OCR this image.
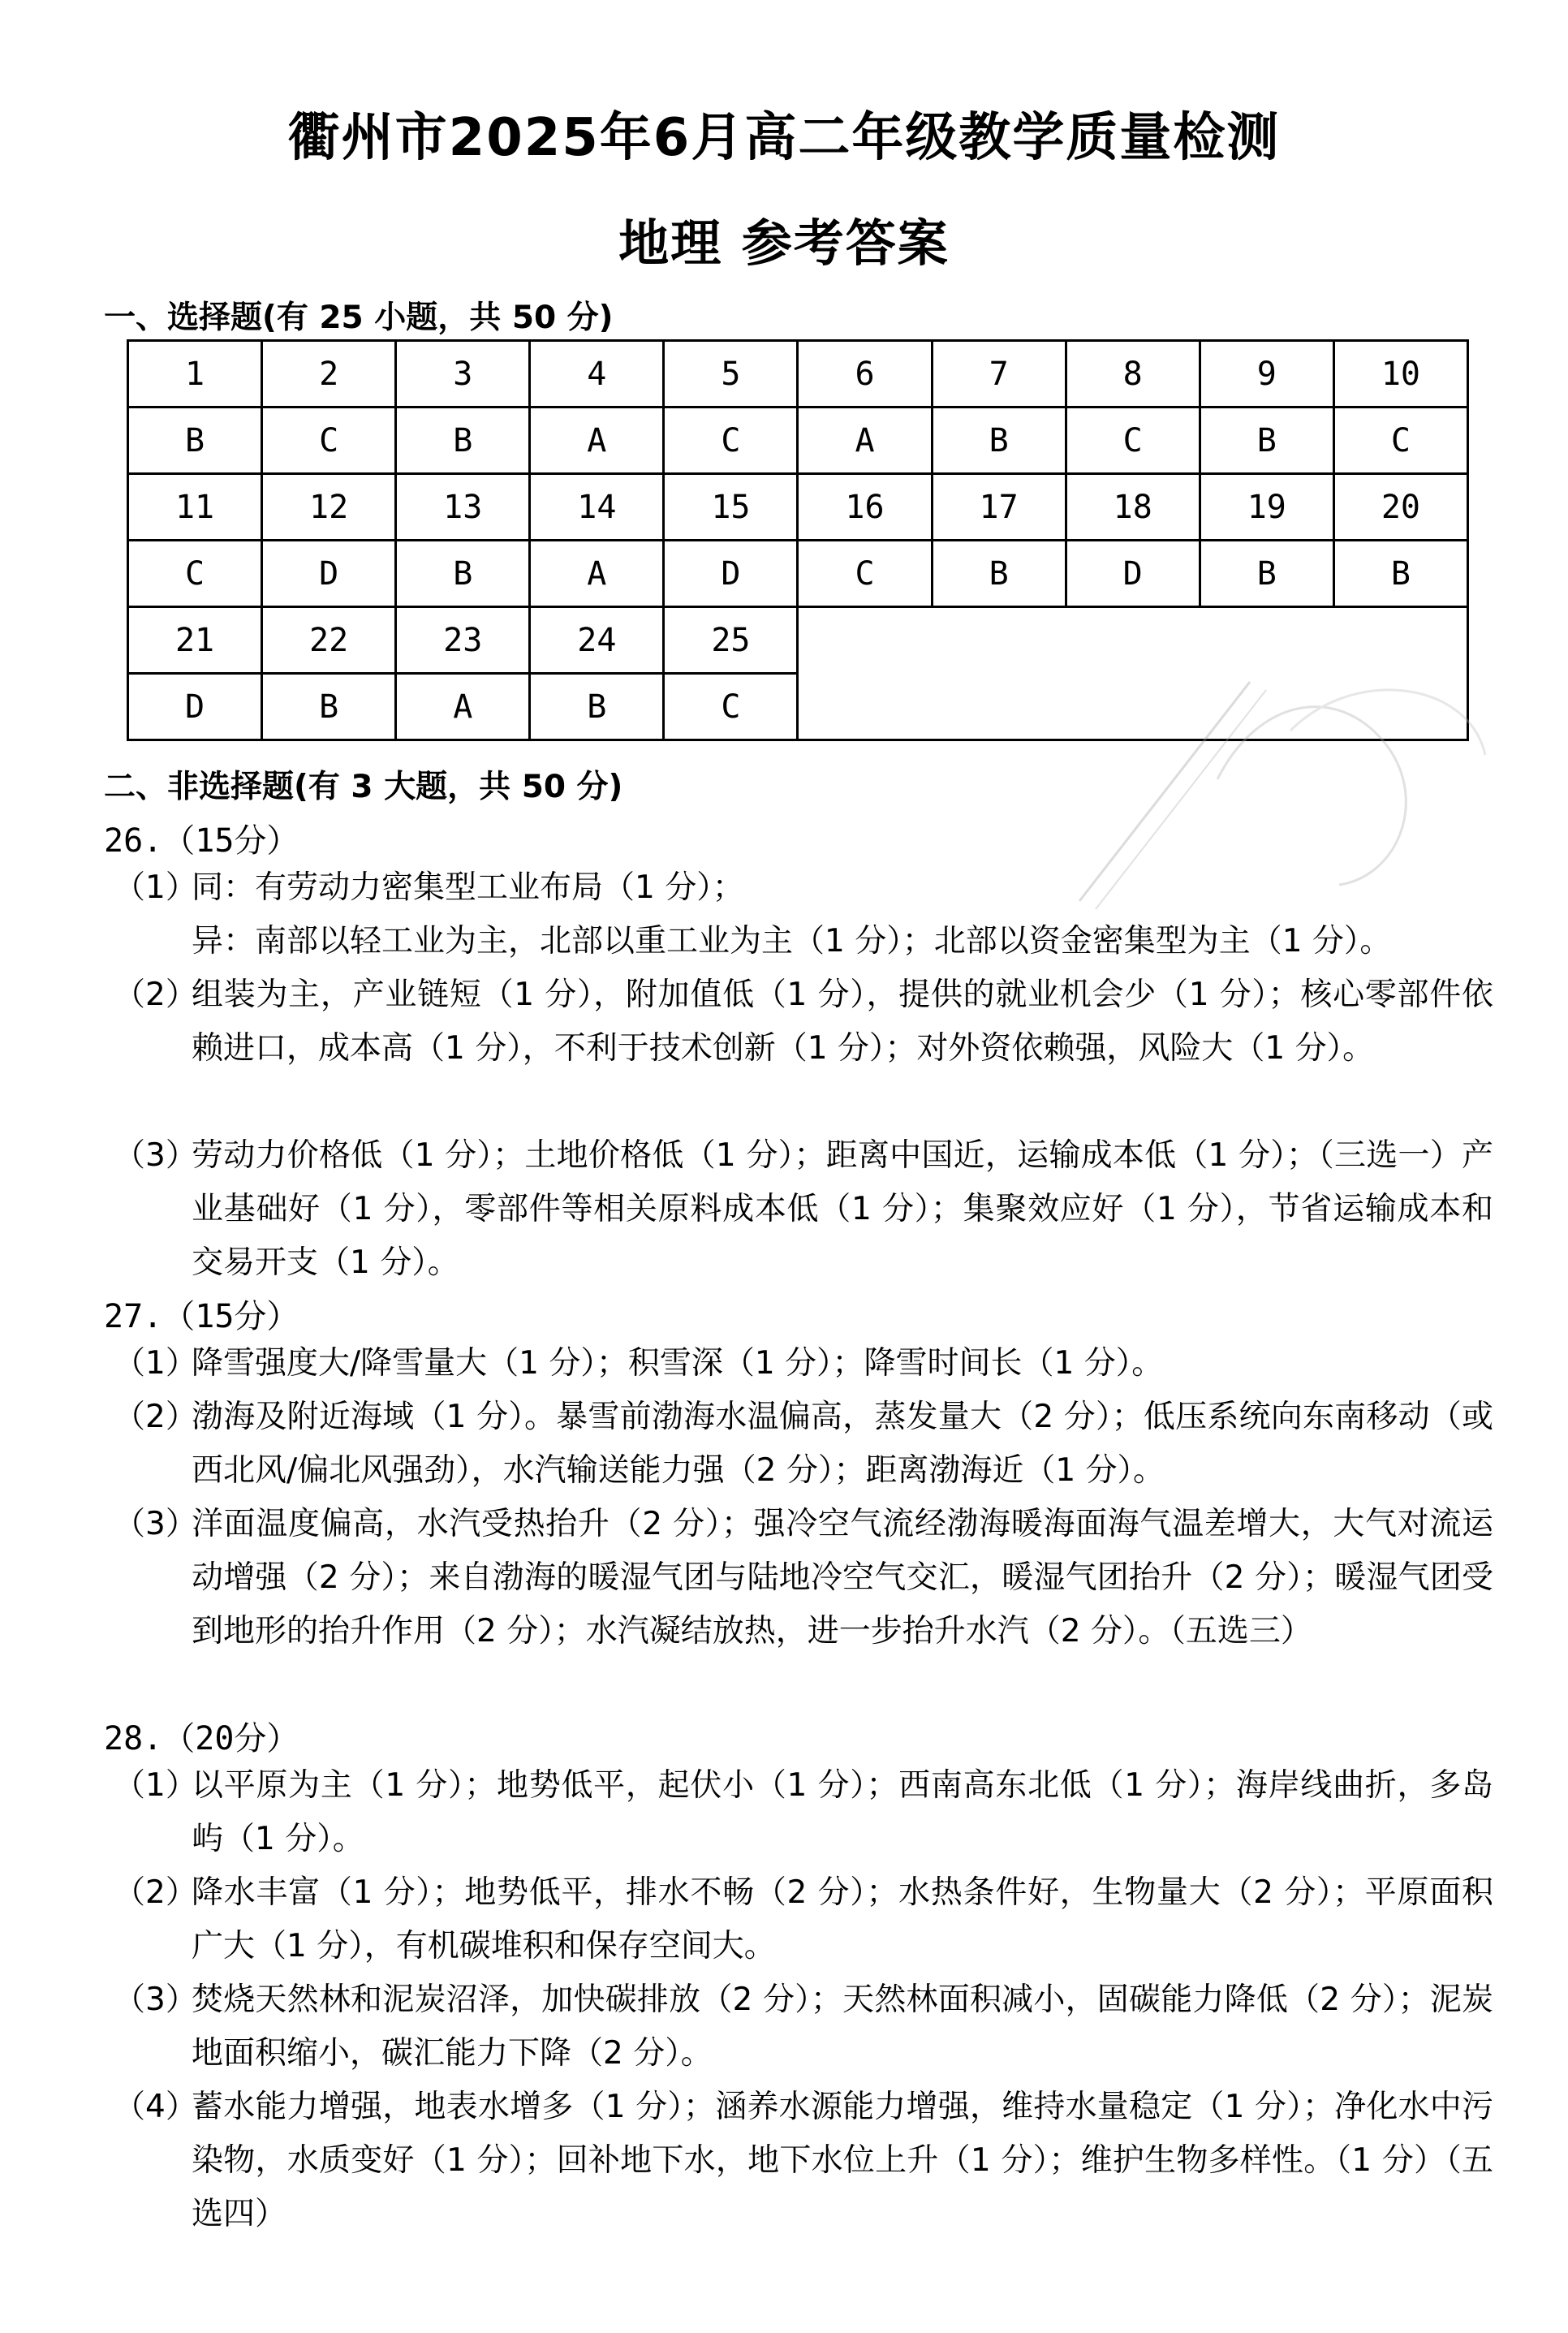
衢州市2025年6月高二年级教学质量检测
地理 参考答案
一、选择题(有 25 小题，共 50 分)
1	2	3	4	5	6	7	8	9	10
B	C	B	A	C	A	B	C	B	C
11	12	13	14	15	16	17	18	19	20
C	D	B	A	D	C	B	D	B	B
21	22	23	24	25					
D	B	A	B	C					
二、非选择题(有 3 大题，共 50 分)
26.（15分）
（1）
同：有劳动力密集型工业布局（1 分）；
异：南部以轻工业为主，北部以重工业为主（1 分）；北部以资金密集型为主（1 分）。
（2）
组装为主，产业链短（1 分），附加值低（1 分），提供的就业机会少（1 分）；核心零部件依赖进口，成本高（1 分），不利于技术创新（1 分）；对外资依赖强，风险大（1 分）。
（3）
劳动力价格低（1 分）；土地价格低（1 分）；距离中国近，运输成本低（1 分）；（三选一）产业基础好（1 分），零部件等相关原料成本低（1 分）；集聚效应好（1 分），节省运输成本和交易开支（1 分）。
27.（15分）
（1）
降雪强度大/降雪量大（1 分）；积雪深（1 分）；降雪时间长（1 分）。
（2）
渤海及附近海域（1 分）。暴雪前渤海水温偏高，蒸发量大（2 分）；低压系统向东南移动（或西北风/偏北风强劲），水汽输送能力强（2 分）；距离渤海近（1 分）。
（3）
洋面温度偏高，水汽受热抬升（2 分）；强冷空气流经渤海暖海面海气温差增大，大气对流运动增强（2 分）；来自渤海的暖湿气团与陆地冷空气交汇，暖湿气团抬升（2 分）；暖湿气团受到地形的抬升作用（2 分）；水汽凝结放热，进一步抬升水汽（2 分）。（五选三）
28.（20分）
（1）
以平原为主（1 分）；地势低平，起伏小（1 分）；西南高东北低（1 分）；海岸线曲折，多岛屿（1 分）。
（2）
降水丰富（1 分）；地势低平，排水不畅（2 分）；水热条件好，生物量大（2 分）；平原面积广大（1 分），有机碳堆积和保存空间大。
（3）
焚烧天然林和泥炭沼泽，加快碳排放（2 分）；天然林面积减小，固碳能力降低（2 分）；泥炭地面积缩小，碳汇能力下降（2 分）。
（4）
蓄水能力增强，地表水增多（1 分）；涵养水源能力增强，维持水量稳定（1 分）；净化水中污染物，水质变好（1 分）；回补地下水，地下水位上升（1 分）；维护生物多样性。（1 分）（五选四）
